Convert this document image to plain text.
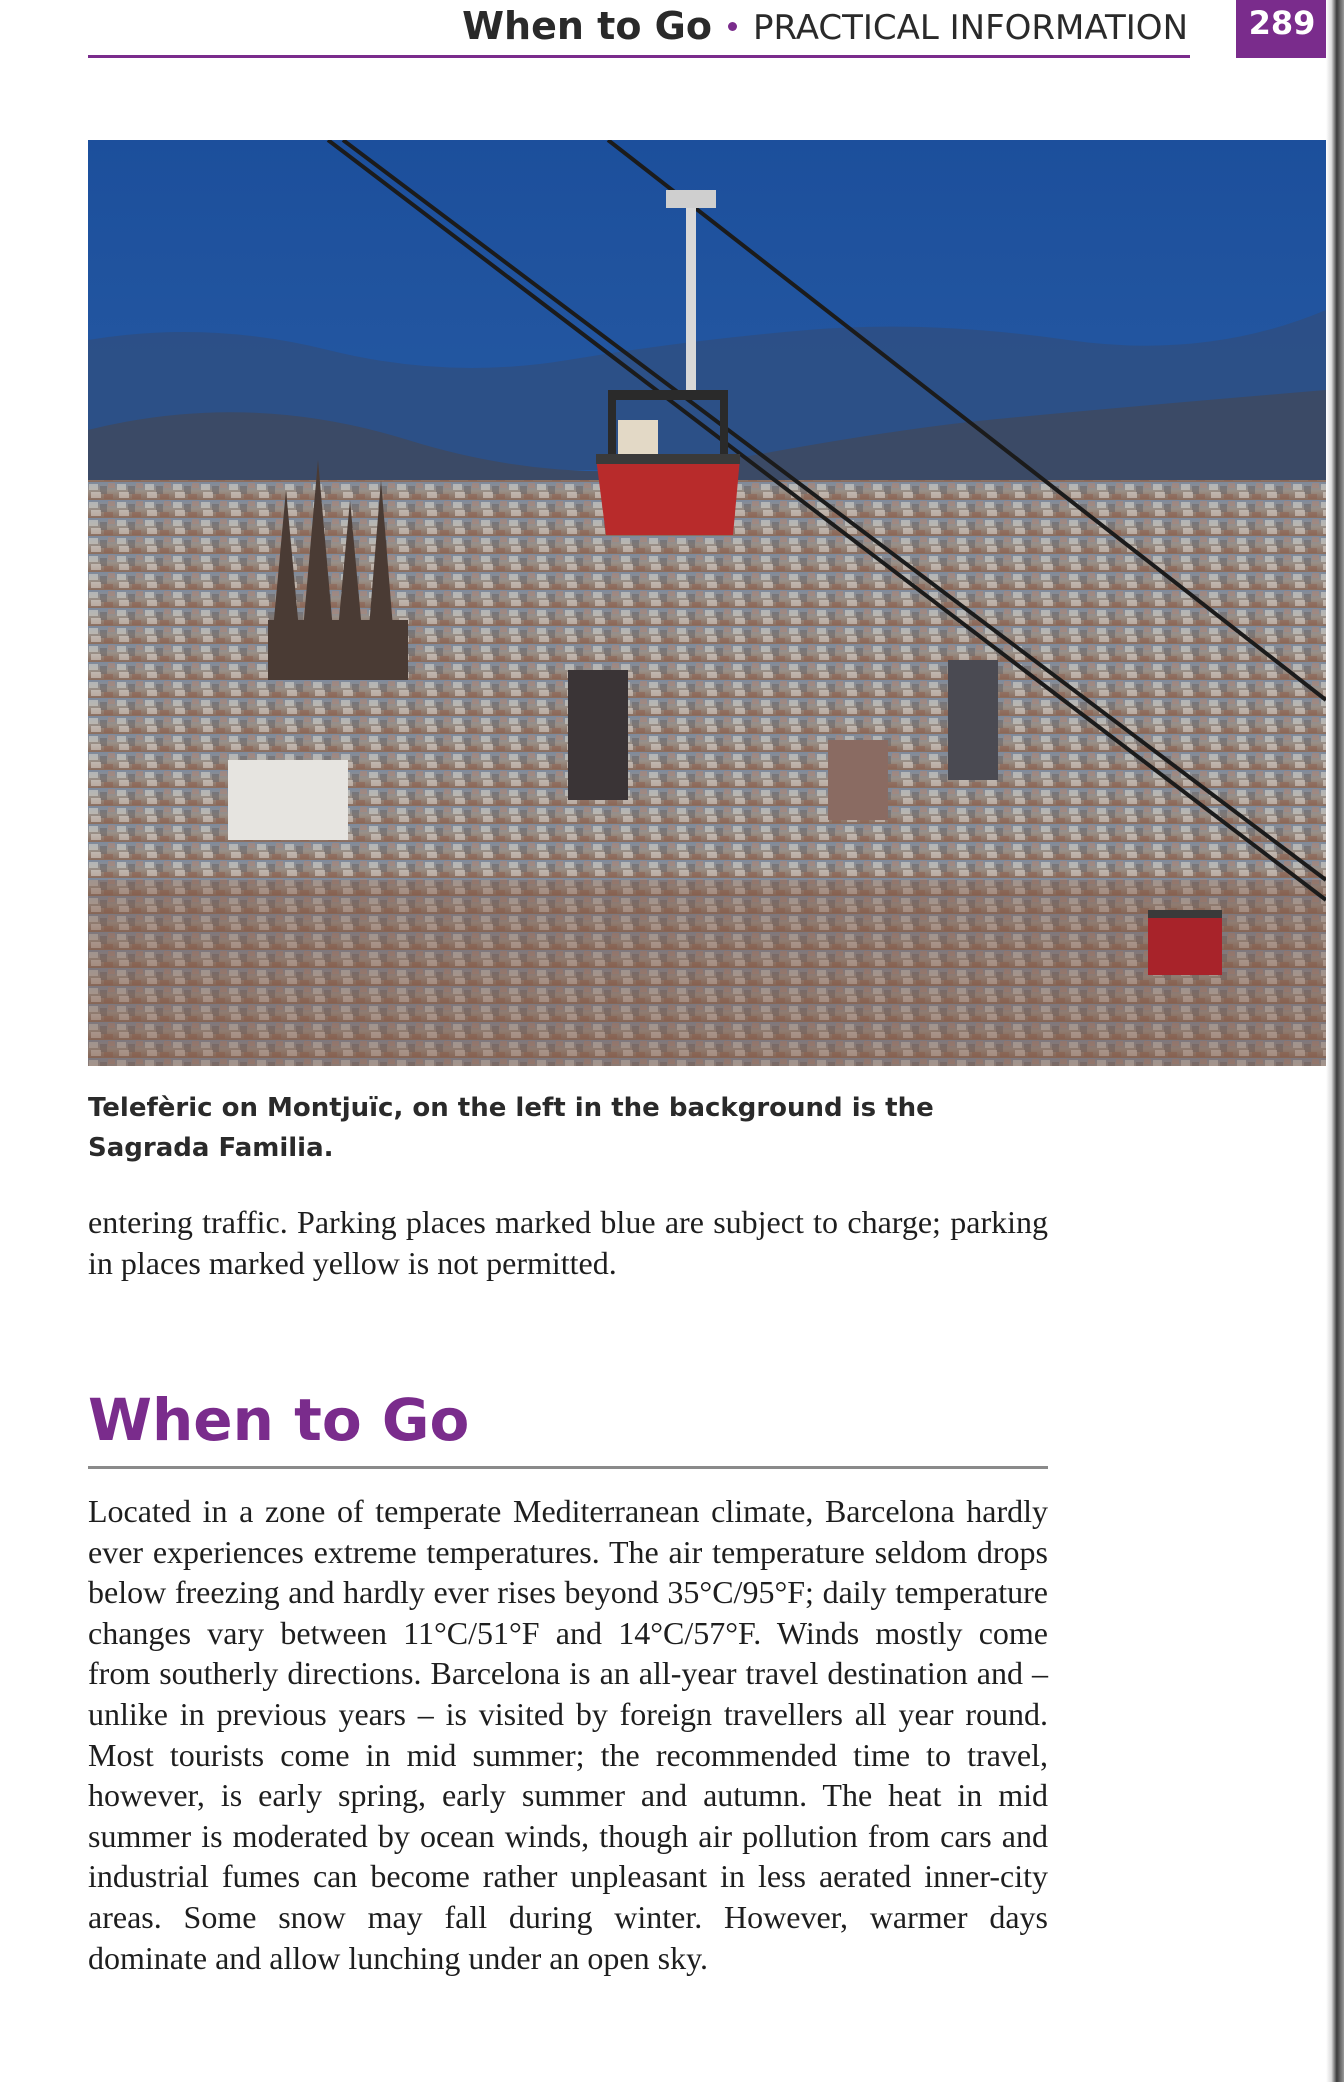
When to Go PRACTICAL INFORMATION	289

Telefèric on Montjuïc, on the left in the background is the Sagrada Familia.

entering traffic. Parking places marked blue are subject to charge; parking in places marked yellow is not permitted.

When to Go

Located in a zone of temperate Mediterranean climate, Barcelona hardly ever experiences extreme temperatures. The air temperature seldom drops below freezing and hardly ever rises beyond 35°C/95°F; daily temperature changes vary between 11°C/51°F and 14°C/57°F. Winds mostly come from southerly directions. Barcelona is an all-year travel destination and – unlike in previous years – is visited by foreign travellers all year round. Most tourists come in mid summer; the recommended time to travel, however, is early spring, early summer and autumn. The heat in mid summer is moderated by ocean winds, though air pollution from cars and industrial fumes can become rather unpleasant in less aerated inner-city areas. Some snow may fall during winter. However, warmer days dominate and allow lunching under an open sky.
